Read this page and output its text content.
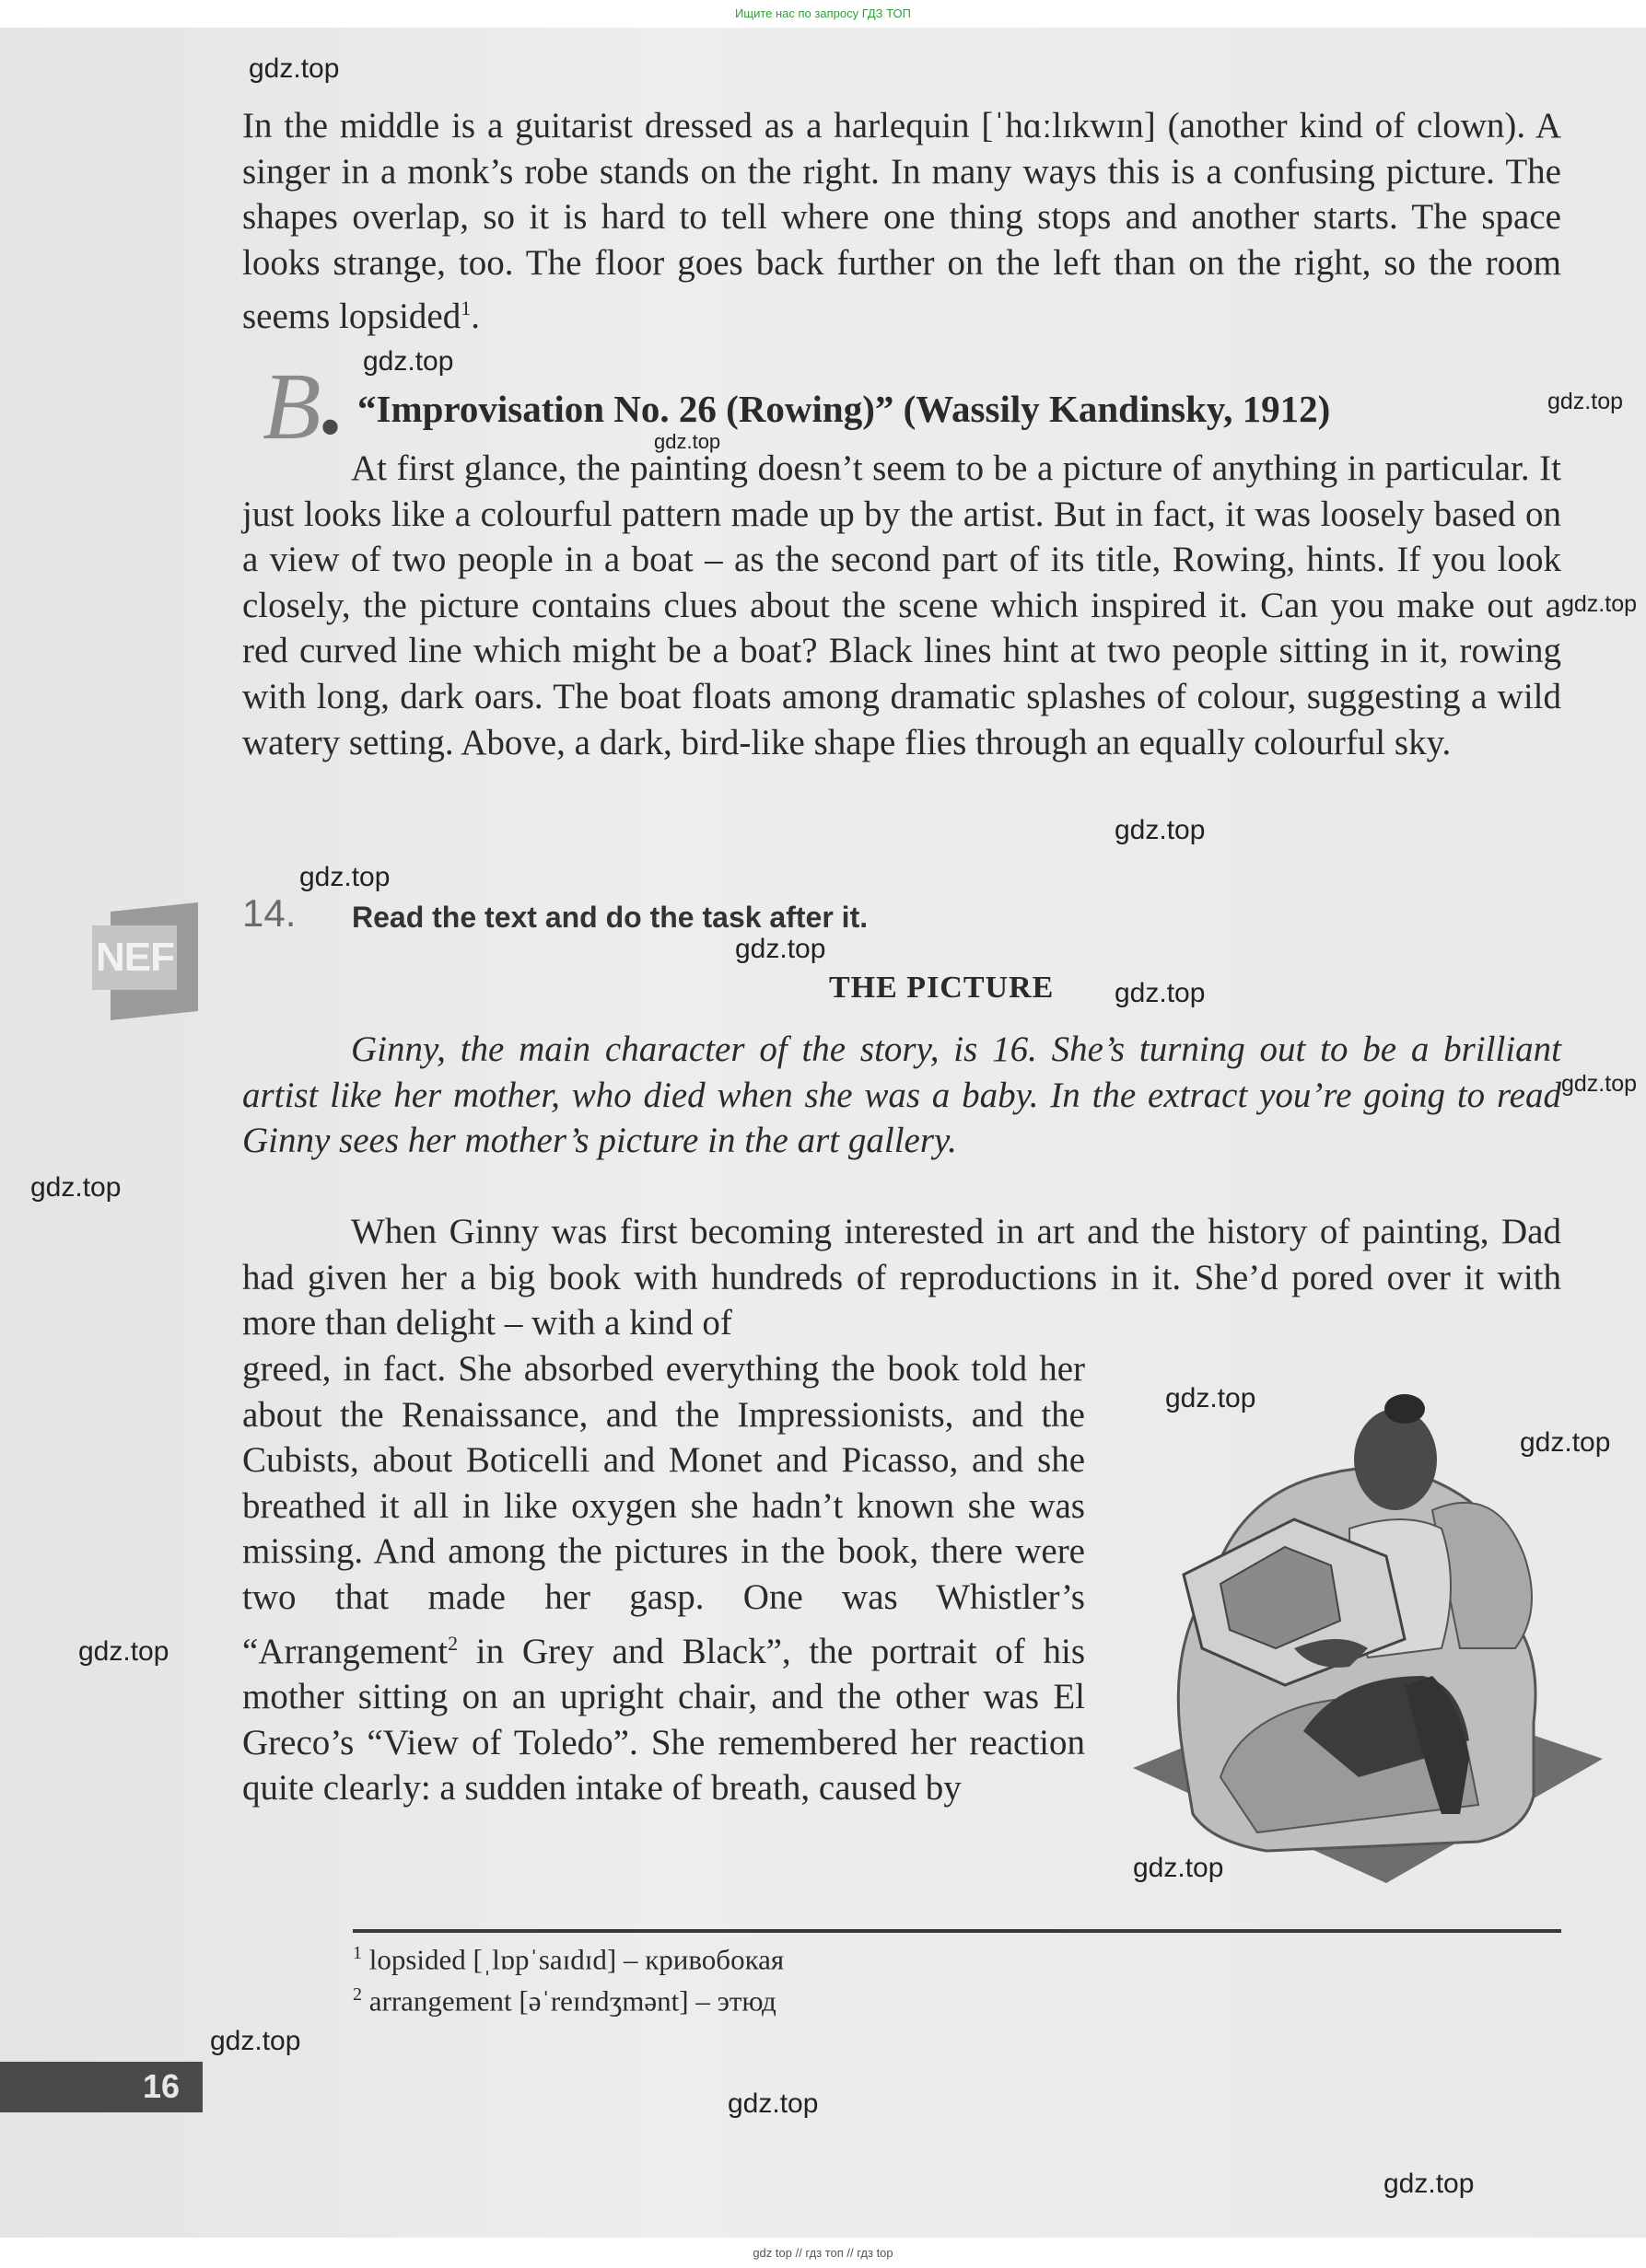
Ищите нас по запросу ГДЗ ТОП

In the middle is a guitarist dressed as a harlequin [ˈhɑːlɪkwɪn] (another kind of clown). A singer in a monk’s robe stands on the right. In many ways this is a confusing picture. The shapes overlap, so it is hard to tell where one thing stops and another starts. The space looks strange, too. The floor goes back further on the left than on the right, so the room seems lopsided$^1$.

B • “Improvisation No. 26 (Rowing)” (Wassily Kandinsky, 1912)

At first glance, the painting doesn’t seem to be a picture of anything in particular. It just looks like a colourful pattern made up by the artist. But in fact, it was loosely based on a view of two people in a boat – as the second part of its title, Rowing, hints. If you look closely, the picture contains clues about the scene which inspired it. Can you make out a red curved line which might be a boat? Black lines hint at two people sitting in it, rowing with long, dark oars. The boat floats among dramatic splashes of colour, suggesting a wild watery setting. Above, a dark, bird-like shape flies through an equally colourful sky.

NEF
14. Read the text and do the task after it.
THE PICTURE

Ginny, the main character of the story, is 16. She’s turning out to be a brilliant artist like her mother, who died when she was a baby. In the extract you’re going to read Ginny sees her mother’s picture in the art gallery.

When Ginny was first becoming interested in art and the history of painting, Dad had given her a big book with hundreds of reproductions in it. She’d pored over it with more than delight – with a kind of

greed, in fact. She absorbed everything the book told her about the Renaissance, and the Impressionists, and the Cubists, about Boticelli and Monet and Picasso, and she breathed it all in like oxygen she hadn’t known she was missing. And among the pictures in the book, there were two that made her gasp. One was Whistler’s “Arrangement$^2$ in Grey and Black”, the portrait of his mother sitting on an upright chair, and the other was El Greco’s “View of Toledo”. She remembered her reaction quite clearly: a sudden intake of breath, caused by

$^1$ lopsided [ˌlɒpˈsaɪdɪd] – кривобокая
$^2$ arrangement [əˈreɪndʒmənt] – этюд
16
gdz.top
gdz.top
gdz.top
gdz.top
gdz.top
gdz.top
gdz.top
gdz.top
gdz.top
gdz.top
gdz.top
gdz.top
gdz.top
gdz.top
gdz.top
gdz.top
gdz.top
gdz.top
gdz top // гдз топ // гдз top
